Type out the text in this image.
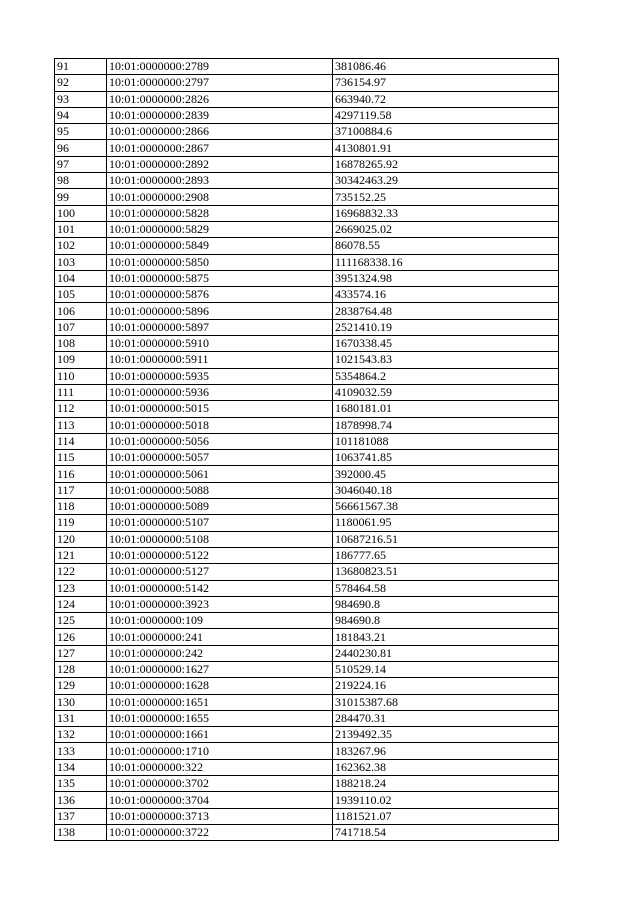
91	10:01:0000000:2789	381086.46
92	10:01:0000000:2797	736154.97
93	10:01:0000000:2826	663940.72
94	10:01:0000000:2839	4297119.58
95	10:01:0000000:2866	37100884.6
96	10:01:0000000:2867	4130801.91
97	10:01:0000000:2892	16878265.92
98	10:01:0000000:2893	30342463.29
99	10:01:0000000:2908	735152.25
100	10:01:0000000:5828	16968832.33
101	10:01:0000000:5829	2669025.02
102	10:01:0000000:5849	86078.55
103	10:01:0000000:5850	111168338.16
104	10:01:0000000:5875	3951324.98
105	10:01:0000000:5876	433574.16
106	10:01:0000000:5896	2838764.48
107	10:01:0000000:5897	2521410.19
108	10:01:0000000:5910	1670338.45
109	10:01:0000000:5911	1021543.83
110	10:01:0000000:5935	5354864.2
111	10:01:0000000:5936	4109032.59
112	10:01:0000000:5015	1680181.01
113	10:01:0000000:5018	1878998.74
114	10:01:0000000:5056	101181088
115	10:01:0000000:5057	1063741.85
116	10:01:0000000:5061	392000.45
117	10:01:0000000:5088	3046040.18
118	10:01:0000000:5089	56661567.38
119	10:01:0000000:5107	1180061.95
120	10:01:0000000:5108	10687216.51
121	10:01:0000000:5122	186777.65
122	10:01:0000000:5127	13680823.51
123	10:01:0000000:5142	578464.58
124	10:01:0000000:3923	984690.8
125	10:01:0000000:109	984690.8
126	10:01:0000000:241	181843.21
127	10:01:0000000:242	2440230.81
128	10:01:0000000:1627	510529.14
129	10:01:0000000:1628	219224.16
130	10:01:0000000:1651	31015387.68
131	10:01:0000000:1655	284470.31
132	10:01:0000000:1661	2139492.35
133	10:01:0000000:1710	183267.96
134	10:01:0000000:322	162362.38
135	10:01:0000000:3702	188218.24
136	10:01:0000000:3704	1939110.02
137	10:01:0000000:3713	1181521.07
138	10:01:0000000:3722	741718.54
